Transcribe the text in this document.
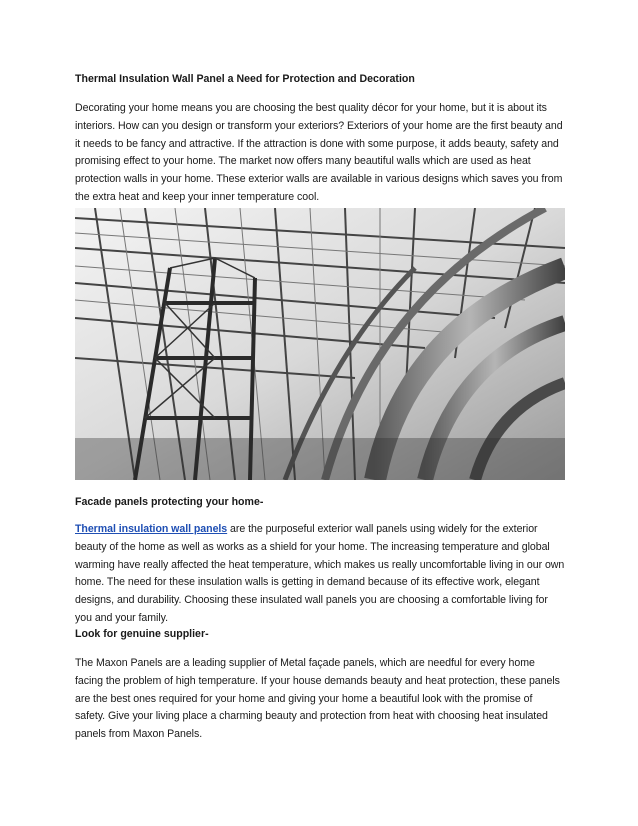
Thermal Insulation Wall Panel a Need for Protection and Decoration

Decorating your home means you are choosing the best quality décor for your home, but it is about its interiors. How can you design or transform your exteriors? Exteriors of your home are the first beauty and it needs to be fancy and attractive. If the attraction is done with some purpose, it adds beauty, safety and promising effect to your home. The market now offers many beautiful walls which are used as heat protection walls in your home. These exterior walls are available in various designs which saves you from the extra heat and keep your inner temperature cool.

Facade panels protecting your home-

Thermal insulation wall panels are the purposeful exterior wall panels using widely for the exterior beauty of the home as well as works as a shield for your home. The increasing temperature and global warming have really affected the heat temperature, which makes us really uncomfortable living in our own home. The need for these insulation walls is getting in demand because of its effective work, elegant designs, and durability. Choosing these insulated wall panels you are choosing a comfortable living for you and your family.

Look for genuine supplier-

The Maxon Panels are a leading supplier of Metal façade panels, which are needful for every home facing the problem of high temperature. If your house demands beauty and heat protection, these panels are the best ones required for your home and giving your home a beautiful look with the promise of safety. Give your living place a charming beauty and protection from heat with choosing heat insulated panels from Maxon Panels.
